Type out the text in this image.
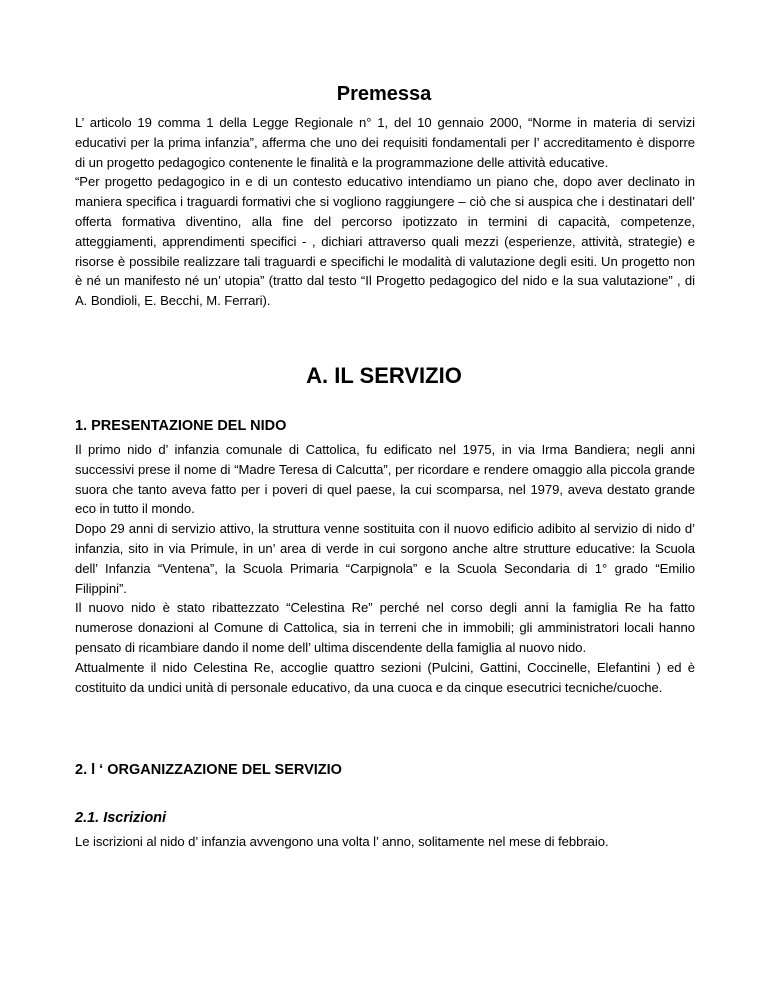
Premessa

L’ articolo 19 comma 1 della Legge Regionale n° 1, del 10 gennaio 2000, “Norme in materia di servizi educativi per la prima infanzia”, afferma che uno dei requisiti fondamentali per l’ accreditamento è disporre di un progetto pedagogico contenente le finalità e la programmazione delle attività educative.

“Per progetto pedagogico in e di un contesto educativo intendiamo un piano che, dopo aver declinato in maniera specifica i traguardi formativi che si vogliono raggiungere – ciò che si auspica che i destinatari dell’ offerta formativa diventino, alla fine del percorso ipotizzato in termini di capacità, competenze, atteggiamenti, apprendimenti specifici - , dichiari attraverso quali mezzi (esperienze, attività, strategie) e risorse è possibile realizzare tali traguardi e specifichi le modalità di valutazione degli esiti. Un progetto non è né un manifesto né un’ utopia” (tratto dal testo “Il Progetto pedagogico del nido e la sua valutazione” , di A. Bondioli, E. Becchi, M. Ferrari).

A. IL SERVIZIO
1. PRESENTAZIONE DEL NIDO

Il primo nido d’ infanzia comunale di Cattolica, fu edificato nel 1975, in via Irma Bandiera; negli anni successivi prese il nome di “Madre Teresa di Calcutta”, per ricordare e rendere omaggio alla piccola grande suora che tanto aveva fatto per i poveri di quel paese, la cui scomparsa, nel 1979, aveva destato grande eco in tutto il mondo.

Dopo 29 anni di servizio attivo, la struttura venne sostituita con il nuovo edificio adibito al servizio di nido d’ infanzia, sito in via Primule, in un’ area di verde in cui sorgono anche altre strutture educative: la Scuola dell’ Infanzia “Ventena”, la Scuola Primaria “Carpignola” e la Scuola Secondaria di 1° grado “Emilio Filippini”.

Il nuovo nido è stato ribattezzato “Celestina Re” perché nel corso degli anni la famiglia Re ha fatto numerose donazioni al Comune di Cattolica, sia in terreni che in immobili; gli amministratori locali hanno pensato di ricambiare dando il nome dell’ ultima discendente della famiglia al nuovo nido.

Attualmente il nido Celestina Re, accoglie quattro sezioni (Pulcini, Gattini, Coccinelle, Elefantini ) ed è costituito da undici unità di personale educativo, da una cuoca e da cinque esecutrici tecniche/cuoche.

2. l ‘ ORGANIZZAZIONE DEL SERVIZIO
2.1. Iscrizioni

Le iscrizioni al nido d’ infanzia avvengono una volta l’ anno, solitamente nel mese di febbraio.
